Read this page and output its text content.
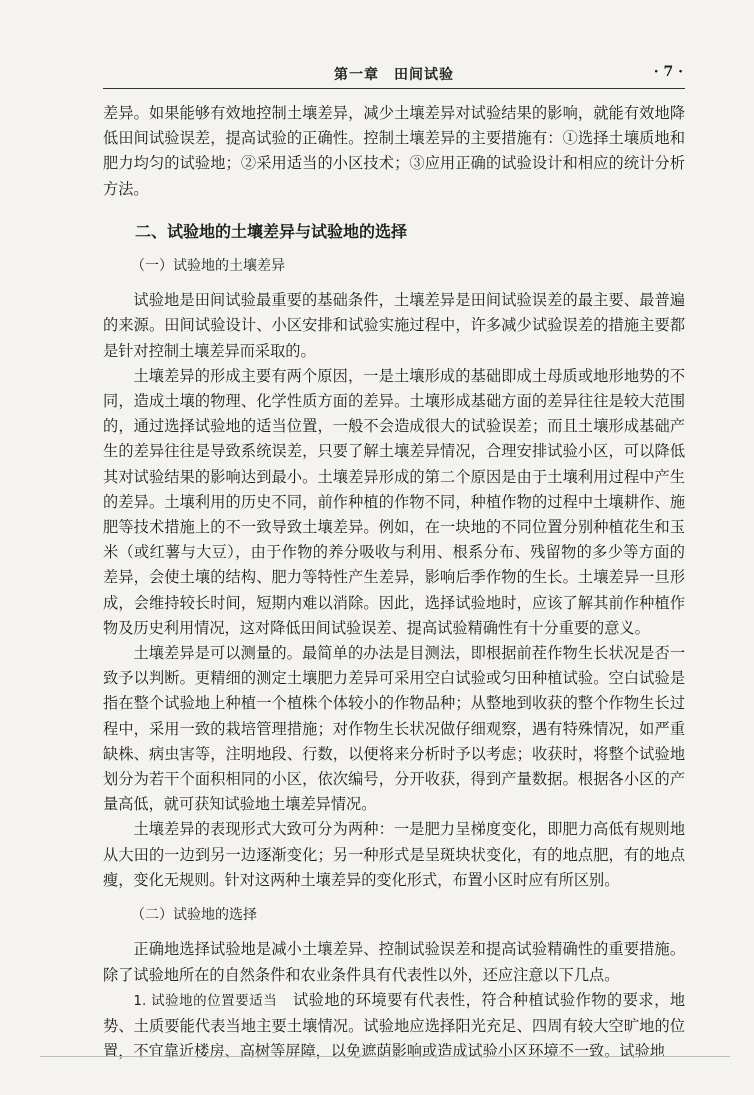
第一章　田间试验	· 7 ·

差异。如果能够有效地控制土壤差异，减少土壤差异对试验结果的影响，就能有效地降低田间试验误差，提高试验的正确性。控制土壤差异的主要措施有：①选择土壤质地和肥力均匀的试验地；②采用适当的小区技术；③应用正确的试验设计和相应的统计分析方法。

二、试验地的土壤差异与试验地的选择
（一）试验地的土壤差异

试验地是田间试验最重要的基础条件，土壤差异是田间试验误差的最主要、最普遍的来源。田间试验设计、小区安排和试验实施过程中，许多减少试验误差的措施主要都是针对控制土壤差异而采取的。

土壤差异的形成主要有两个原因，一是土壤形成的基础即成土母质或地形地势的不同，造成土壤的物理、化学性质方面的差异。土壤形成基础方面的差异往往是较大范围的，通过选择试验地的适当位置，一般不会造成很大的试验误差；而且土壤形成基础产生的差异往往是导致系统误差，只要了解土壤差异情况，合理安排试验小区，可以降低其对试验结果的影响达到最小。土壤差异形成的第二个原因是由于土壤利用过程中产生的差异。土壤利用的历史不同，前作种植的作物不同，种植作物的过程中土壤耕作、施肥等技术措施上的不一致导致土壤差异。例如，在一块地的不同位置分别种植花生和玉米（或红薯与大豆），由于作物的养分吸收与利用、根系分布、残留物的多少等方面的差异，会使土壤的结构、肥力等特性产生差异，影响后季作物的生长。土壤差异一旦形成，会维持较长时间，短期内难以消除。因此，选择试验地时，应该了解其前作种植作物及历史利用情况，这对降低田间试验误差、提高试验精确性有十分重要的意义。

土壤差异是可以测量的。最简单的办法是目测法，即根据前茬作物生长状况是否一致予以判断。更精细的测定土壤肥力差异可采用空白试验或匀田种植试验。空白试验是指在整个试验地上种植一个植株个体较小的作物品种；从整地到收获的整个作物生长过程中，采用一致的栽培管理措施；对作物生长状况做仔细观察，遇有特殊情况，如严重缺株、病虫害等，注明地段、行数，以便将来分析时予以考虑；收获时，将整个试验地划分为若干个面积相同的小区，依次编号，分开收获，得到产量数据。根据各小区的产量高低，就可获知试验地土壤差异情况。

土壤差异的表现形式大致可分为两种：一是肥力呈梯度变化，即肥力高低有规则地从大田的一边到另一边逐渐变化；另一种形式是呈斑块状变化，有的地点肥，有的地点瘦，变化无规则。针对这两种土壤差异的变化形式，布置小区时应有所区别。

（二）试验地的选择

正确地选择试验地是减小土壤差异、控制试验误差和提高试验精确性的重要措施。除了试验地所在的自然条件和农业条件具有代表性以外，还应注意以下几点。

1. 试验地的位置要适当　试验地的环境要有代表性，符合种植试验作物的要求，地势、土质要能代表当地主要土壤情况。试验地应选择阳光充足、四周有较大空旷地的位置，不宜靠近楼房、高树等屏障，以免遮荫影响或造成试验小区环境不一致。试验地
